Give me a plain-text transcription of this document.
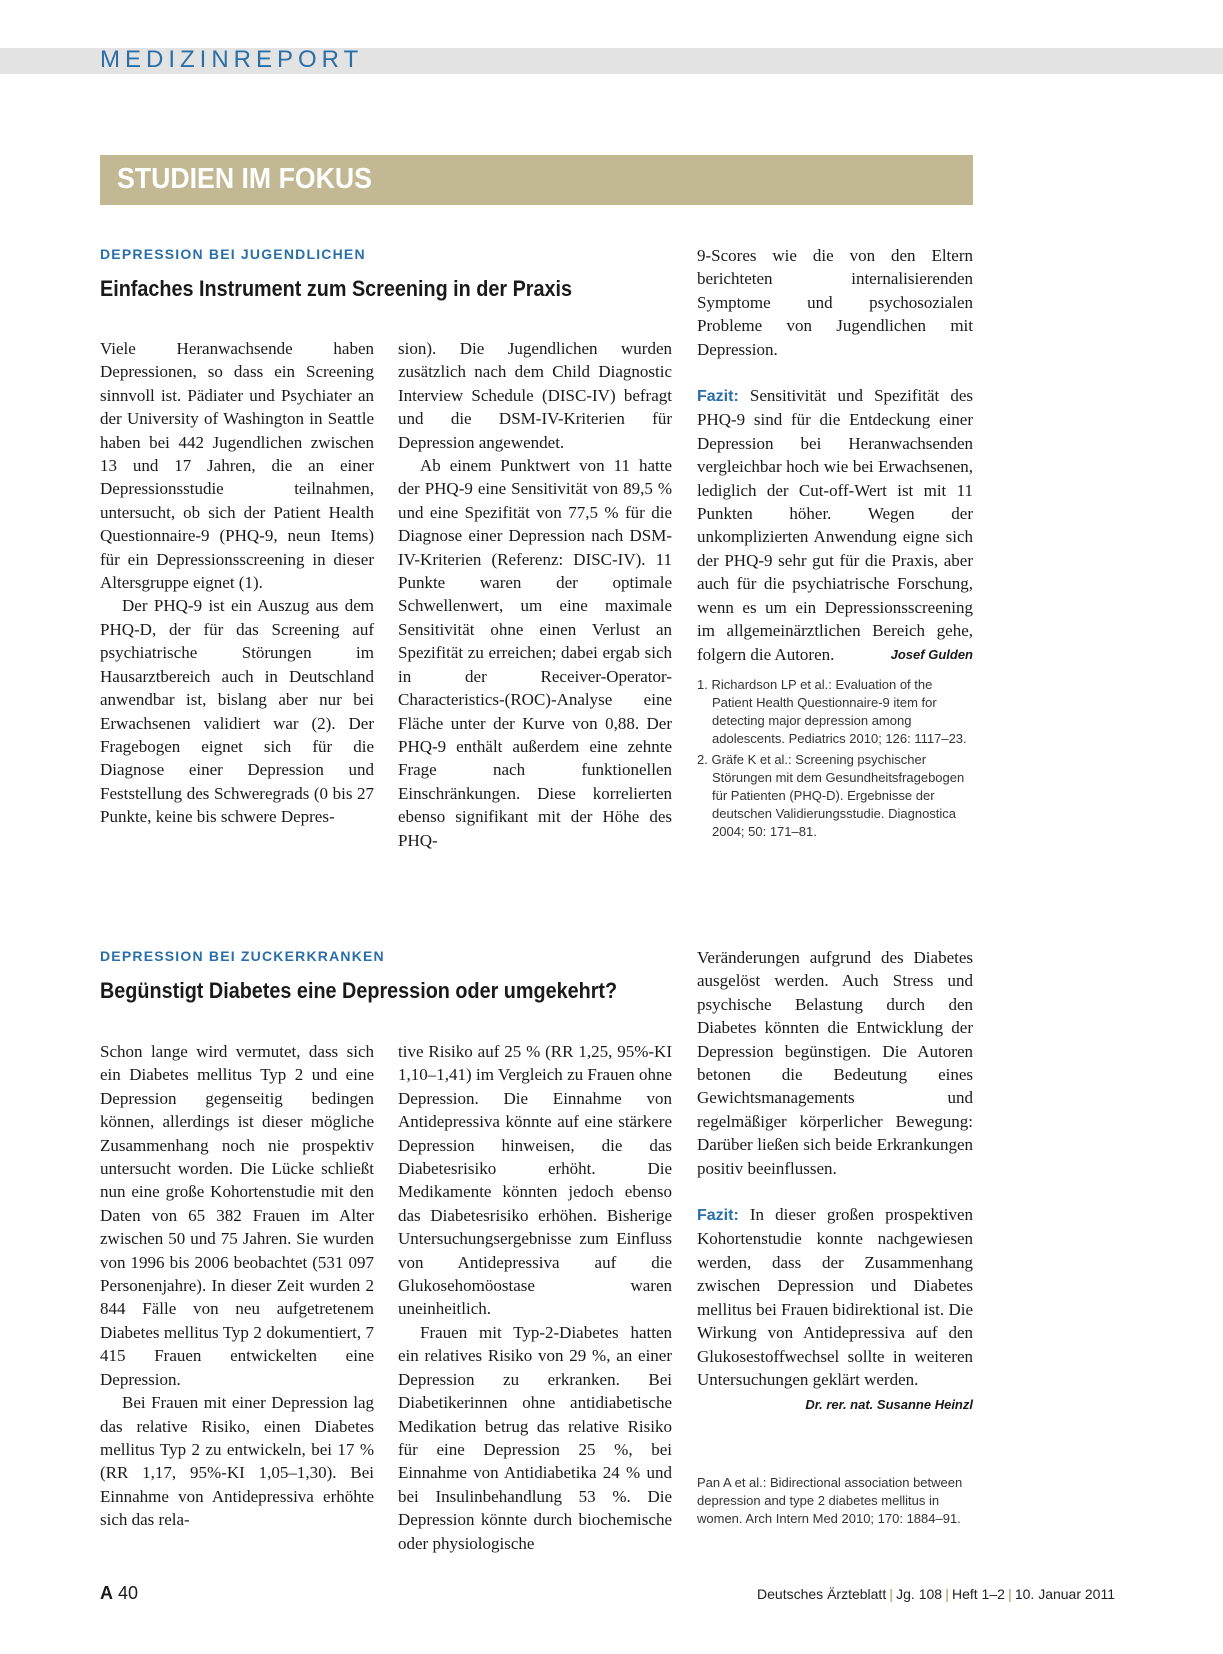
MEDIZINREPORT
STUDIEN IM FOKUS
DEPRESSION BEI JUGENDLICHEN
Einfaches Instrument zum Screening in der Praxis

Viele Heranwachsende haben Depressionen, so dass ein Screening sinnvoll ist. Pädiater und Psychiater an der University of Washington in Seattle haben bei 442 Jugendlichen zwischen 13 und 17 Jahren, die an einer Depressionsstudie teilnahmen, untersucht, ob sich der Patient Health Questionnaire-9 (PHQ-9, neun Items) für ein Depressionsscreening in dieser Altersgruppe eignet (1).

Der PHQ-9 ist ein Auszug aus dem PHQ-D, der für das Screening auf psychiatrische Störungen im Hausarztbereich auch in Deutschland anwendbar ist, bislang aber nur bei Erwachsenen validiert war (2). Der Fragebogen eignet sich für die Diagnose einer Depression und Feststellung des Schweregrads (0 bis 27 Punkte, keine bis schwere Depres-

sion). Die Jugendlichen wurden zusätzlich nach dem Child Diagnostic Interview Schedule (DISC-IV) befragt und die DSM-IV-Kriterien für Depression angewendet.

Ab einem Punktwert von 11 hatte der PHQ-9 eine Sensitivität von 89,5 % und eine Spezifität von 77,5 % für die Diagnose einer Depression nach DSM-IV-Kriterien (Referenz: DISC-IV). 11 Punkte waren der optimale Schwellenwert, um eine maximale Sensitivität ohne einen Verlust an Spezifität zu erreichen; dabei ergab sich in der Receiver-Operator-Characteristics-(ROC)-Analyse eine Fläche unter der Kurve von 0,88. Der PHQ-9 enthält außerdem eine zehnte Frage nach funktionellen Einschränkungen. Diese korrelierten ebenso signifikant mit der Höhe des PHQ-

9-Scores wie die von den Eltern berichteten internalisierenden Symptome und psychosozialen Probleme von Jugendlichen mit Depression.

Fazit: Sensitivität und Spezifität des PHQ-9 sind für die Entdeckung einer Depression bei Heranwachsenden vergleichbar hoch wie bei Erwachsenen, lediglich der Cut-off-Wert ist mit 11 Punkten höher. Wegen der unkomplizierten Anwendung eigne sich der PHQ-9 sehr gut für die Praxis, aber auch für die psychiatrische Forschung, wenn es um ein Depressionsscreening im allgemeinärztlichen Bereich gehe, folgern die Autoren.	Josef Gulden

1. Richardson LP et al.: Evaluation of the Patient Health Questionnaire-9 item for detecting major depression among adolescents. Pediatrics 2010; 126: 1117–23.
2. Gräfe K et al.: Screening psychischer Störungen mit dem Gesundheitsfragebogen für Patienten (PHQ-D). Ergebnisse der deutschen Validierungsstudie. Diagnostica 2004; 50: 171–81.
DEPRESSION BEI ZUCKERKRANKEN
Begünstigt Diabetes eine Depression oder umgekehrt?

Schon lange wird vermutet, dass sich ein Diabetes mellitus Typ 2 und eine Depression gegenseitig bedingen können, allerdings ist dieser mögliche Zusammenhang noch nie prospektiv untersucht worden. Die Lücke schließt nun eine große Kohortenstudie mit den Daten von 65 382 Frauen im Alter zwischen 50 und 75 Jahren. Sie wurden von 1996 bis 2006 beobachtet (531 097 Personenjahre). In dieser Zeit wurden 2 844 Fälle von neu aufgetretenem Diabetes mellitus Typ 2 dokumentiert, 7 415 Frauen entwickelten eine Depression.

Bei Frauen mit einer Depression lag das relative Risiko, einen Diabetes mellitus Typ 2 zu entwickeln, bei 17 % (RR 1,17, 95%-KI 1,05–1,30). Bei Einnahme von Antidepressiva erhöhte sich das rela-

tive Risiko auf 25 % (RR 1,25, 95%-KI 1,10–1,41) im Vergleich zu Frauen ohne Depression. Die Einnahme von Antidepressiva könnte auf eine stärkere Depression hinweisen, die das Diabetesrisiko erhöht. Die Medikamente könnten jedoch ebenso das Diabetesrisiko erhöhen. Bisherige Untersuchungsergebnisse zum Einfluss von Antidepressiva auf die Glukosehomöostase waren uneinheitlich.

Frauen mit Typ-2-Diabetes hatten ein relatives Risiko von 29 %, an einer Depression zu erkranken. Bei Diabetikerinnen ohne antidiabetische Medikation betrug das relative Risiko für eine Depression 25 %, bei Einnahme von Antidiabetika 24 % und bei Insulinbehandlung 53 %. Die Depression könnte durch biochemische oder physiologische

Veränderungen aufgrund des Diabetes ausgelöst werden. Auch Stress und psychische Belastung durch den Diabetes könnten die Entwicklung der Depression begünstigen. Die Autoren betonen die Bedeutung eines Gewichtsmanagements und regelmäßiger körperlicher Bewegung: Darüber ließen sich beide Erkrankungen positiv beeinflussen.

Fazit: In dieser großen prospektiven Kohortenstudie konnte nachgewiesen werden, dass der Zusammenhang zwischen Depression und Diabetes mellitus bei Frauen bidirektional ist. Die Wirkung von Antidepressiva auf den Glukosestoffwechsel sollte in weiteren Untersuchungen geklärt werden.

Dr. rer. nat. Susanne Heinzl
Pan A et al.: Bidirectional association between depression and type 2 diabetes mellitus in women. Arch Intern Med 2010; 170: 1884–91.
A 40	Deutsches Ärzteblatt | Jg. 108 | Heft 1–2 | 10. Januar 2011
